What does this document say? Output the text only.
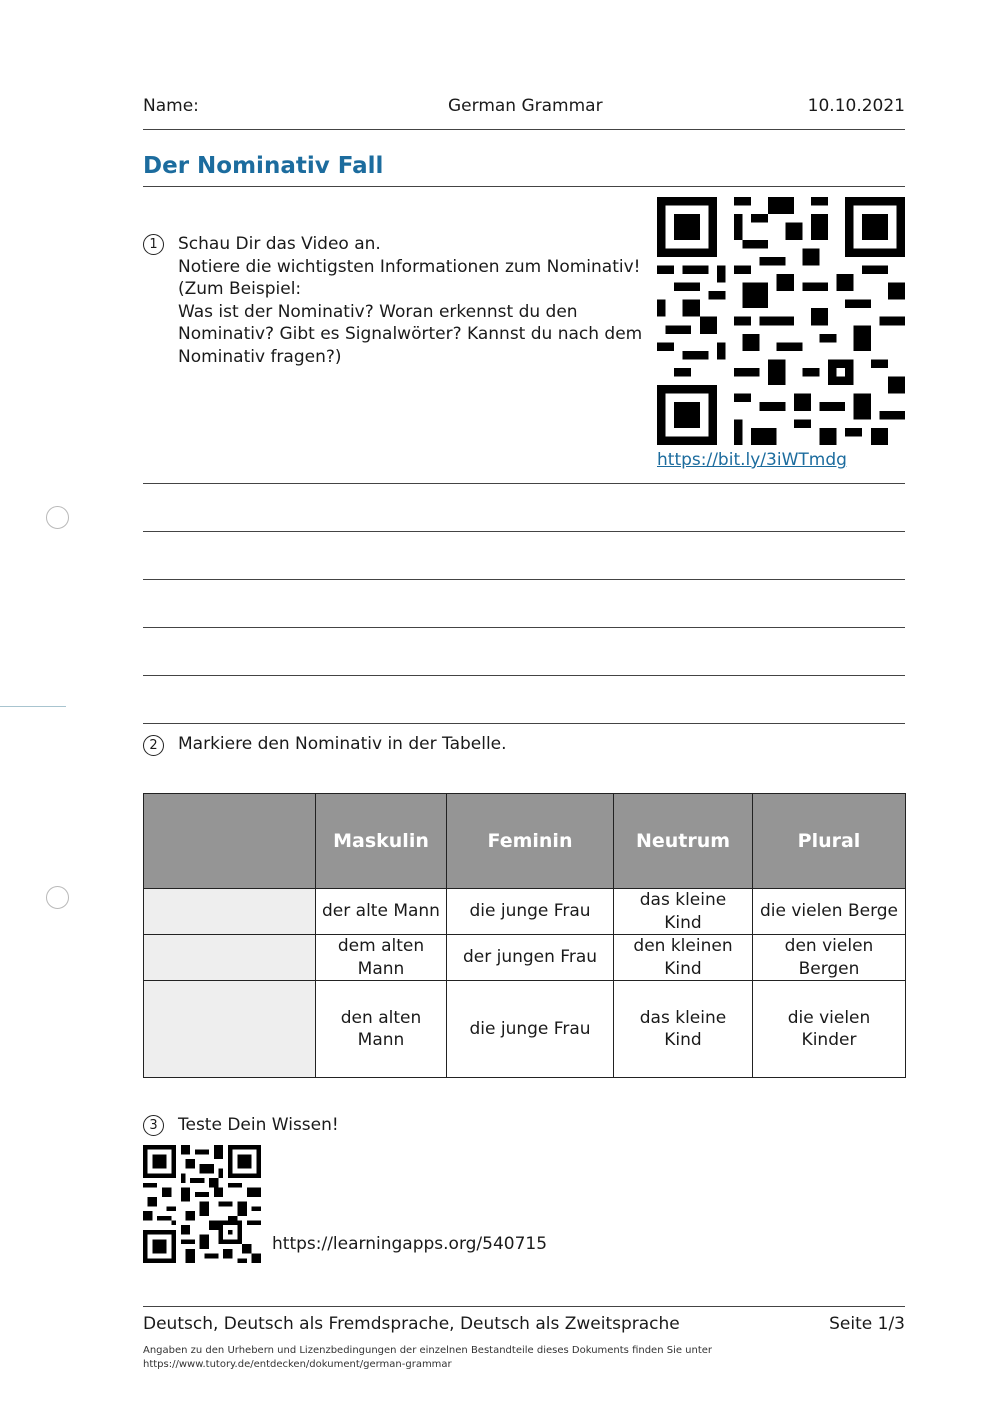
Name:	German Grammar	10.10.2021
Der Nominativ Fall
1	Schau Dir das Video an.
Notiere die wichtigsten Informationen zum Nominativ!
(Zum Beispiel:
Was ist der Nominativ? Woran erkennst du den
Nominativ? Gibt es Signalwörter? Kannst du nach dem
Nominativ fragen?)
https://bit.ly/3iWTmdg
2	Markiere den Nominativ in der Tabelle.
	Maskulin	Feminin	Neutrum	Plural
	der alte Mann	die junge Frau	das kleine Kind	die vielen Berge
	dem alten Mann	der jungen Frau	den kleinen Kind	den vielen Bergen
	den alten Mann	die junge Frau	das kleine Kind	die vielen Kinder
3	Teste Dein Wissen!
https://learningapps.org/540715
Deutsch, Deutsch als Fremdsprache, Deutsch als Zweitsprache	Seite 1/3
Angaben zu den Urhebern und Lizenzbedingungen der einzelnen Bestandteile dieses Dokuments finden Sie unter
https://www.tutory.de/entdecken/dokument/german-grammar
